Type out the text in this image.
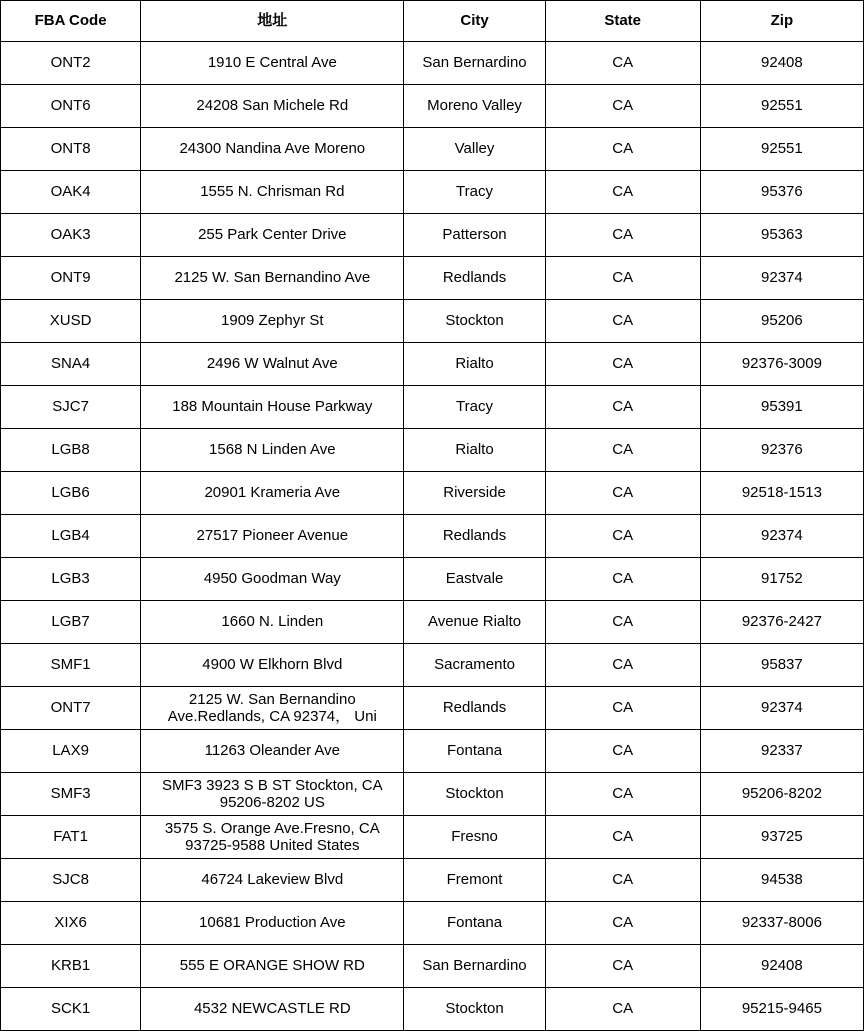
FBA Code	地址	City	State	Zip
ONT2	1910 E Central Ave	San Bernardino	CA	92408
ONT6	24208 San Michele Rd	Moreno Valley	CA	92551
ONT8	24300 Nandina Ave Moreno	Valley	CA	92551
OAK4	1555 N. Chrisman Rd	Tracy	CA	95376
OAK3	255 Park Center Drive	Patterson	CA	95363
ONT9	2125 W. San Bernandino Ave	Redlands	CA	92374
XUSD	1909 Zephyr St	Stockton	CA	95206
SNA4	2496 W Walnut Ave	Rialto	CA	92376-3009
SJC7	188 Mountain House Parkway	Tracy	CA	95391
LGB8	1568 N Linden Ave	Rialto	CA	92376
LGB6	20901 Krameria Ave	Riverside	CA	92518-1513
LGB4	27517 Pioneer Avenue	Redlands	CA	92374
LGB3	4950 Goodman Way	Eastvale	CA	91752
LGB7	1660 N. Linden	Avenue Rialto	CA	92376-2427
SMF1	4900 W Elkhorn Blvd	Sacramento	CA	95837
ONT7	2125 W. San Bernandino Ave.Redlands, CA 92374， Uni	Redlands	CA	92374
LAX9	11263 Oleander Ave	Fontana	CA	92337
SMF3	SMF3 3923 S B ST Stockton, CA 95206-8202 US	Stockton	CA	95206-8202
FAT1	3575 S. Orange Ave.Fresno, CA 93725-9588 United States	Fresno	CA	93725
SJC8	46724 Lakeview Blvd	Fremont	CA	94538
XIX6	10681 Production Ave	Fontana	CA	92337-8006
KRB1	555 E ORANGE SHOW RD	San Bernardino	CA	92408
SCK1	4532 NEWCASTLE RD	Stockton	CA	95215-9465
